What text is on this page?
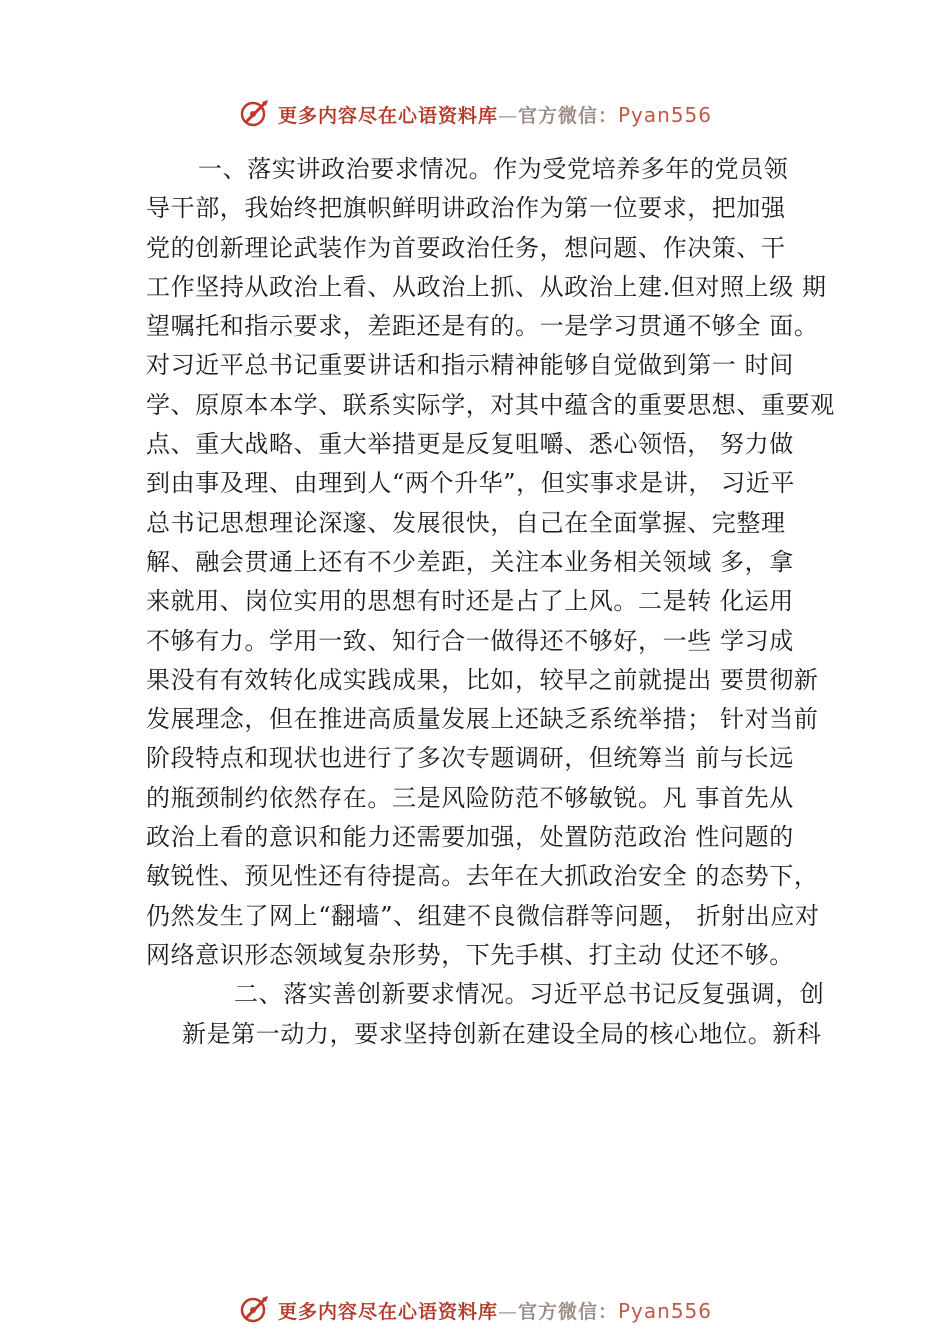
更多内容尽在心语资料库—官方微信：Pyan556
一、落实讲政治要求情况。作为受党培养多年的党员领
导干部，我始终把旗帜鲜明讲政治作为第一位要求，把加强
党的创新理论武装作为首要政治任务，想问题、作决策、干
工作坚持从政治上看、从政治上抓、从政治上建.但对照上级 期
望嘱托和指示要求，差距还是有的。一是学习贯通不够全 面。
对习近平总书记重要讲话和指示精神能够自觉做到第一 时间
学、原原本本学、联系实际学，对其中蕴含的重要思想、重要观
点、重大战略、重大举措更是反复咀嚼、悉心领悟， 努力做
到由事及理、由理到人“两个升华”，但实事求是讲， 习近平
总书记思想理论深邃、发展很快，自己在全面掌握、完整理
解、融会贯通上还有不少差距，关注本业务相关领域 多，拿
来就用、岗位实用的思想有时还是占了上风。二是转 化运用
不够有力。学用一致、知行合一做得还不够好，一些 学习成
果没有有效转化成实践成果，比如，较早之前就提出 要贯彻新
发展理念，但在推进高质量发展上还缺乏系统举措； 针对当前
阶段特点和现状也进行了多次专题调研，但统筹当 前与长远
的瓶颈制约依然存在。三是风险防范不够敏锐。凡 事首先从
政治上看的意识和能力还需要加强，处置防范政治 性问题的
敏锐性、预见性还有待提高。去年在大抓政治安全 的态势下，
仍然发生了网上“翻墙”、组建不良微信群等问题， 折射出应对
网络意识形态领域复杂形势，下先手棋、打主动 仗还不够。
二、落实善创新要求情况。习近平总书记反复强调，创
新是第一动力，要求坚持创新在建设全局的核心地位。新科
更多内容尽在心语资料库—官方微信：Pyan556
